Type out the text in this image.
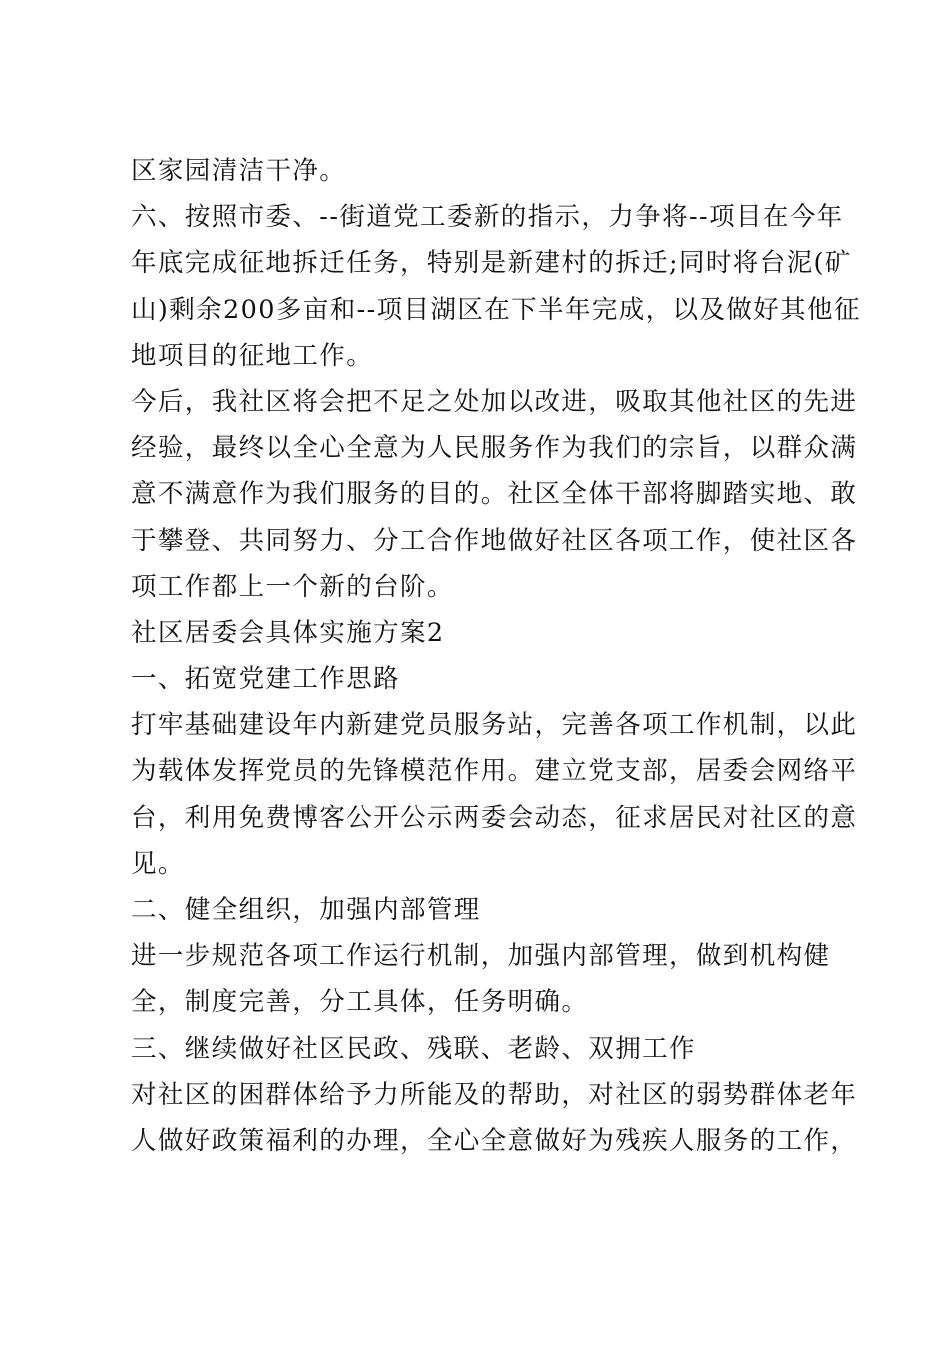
区家园清洁干净。
六、按照市委、--街道党工委新的指示，力争将--项目在今年
年底完成征地拆迁任务，特别是新建村的拆迁;同时将台泥(矿
山)剩余200多亩和--项目湖区在下半年完成，以及做好其他征
地项目的征地工作。
今后，我社区将会把不足之处加以改进，吸取其他社区的先进
经验，最终以全心全意为人民服务作为我们的宗旨，以群众满
意不满意作为我们服务的目的。社区全体干部将脚踏实地、敢
于攀登、共同努力、分工合作地做好社区各项工作，使社区各
项工作都上一个新的台阶。
社区居委会具体实施方案2
一、拓宽党建工作思路
打牢基础建设年内新建党员服务站，完善各项工作机制，以此
为载体发挥党员的先锋模范作用。建立党支部，居委会网络平
台，利用免费博客公开公示两委会动态，征求居民对社区的意
见。
二、健全组织，加强内部管理
进一步规范各项工作运行机制，加强内部管理，做到机构健
全，制度完善，分工具体，任务明确。
三、继续做好社区民政、残联、老龄、双拥工作
对社区的困群体给予力所能及的帮助，对社区的弱势群体老年
人做好政策福利的办理，全心全意做好为残疾人服务的工作，
